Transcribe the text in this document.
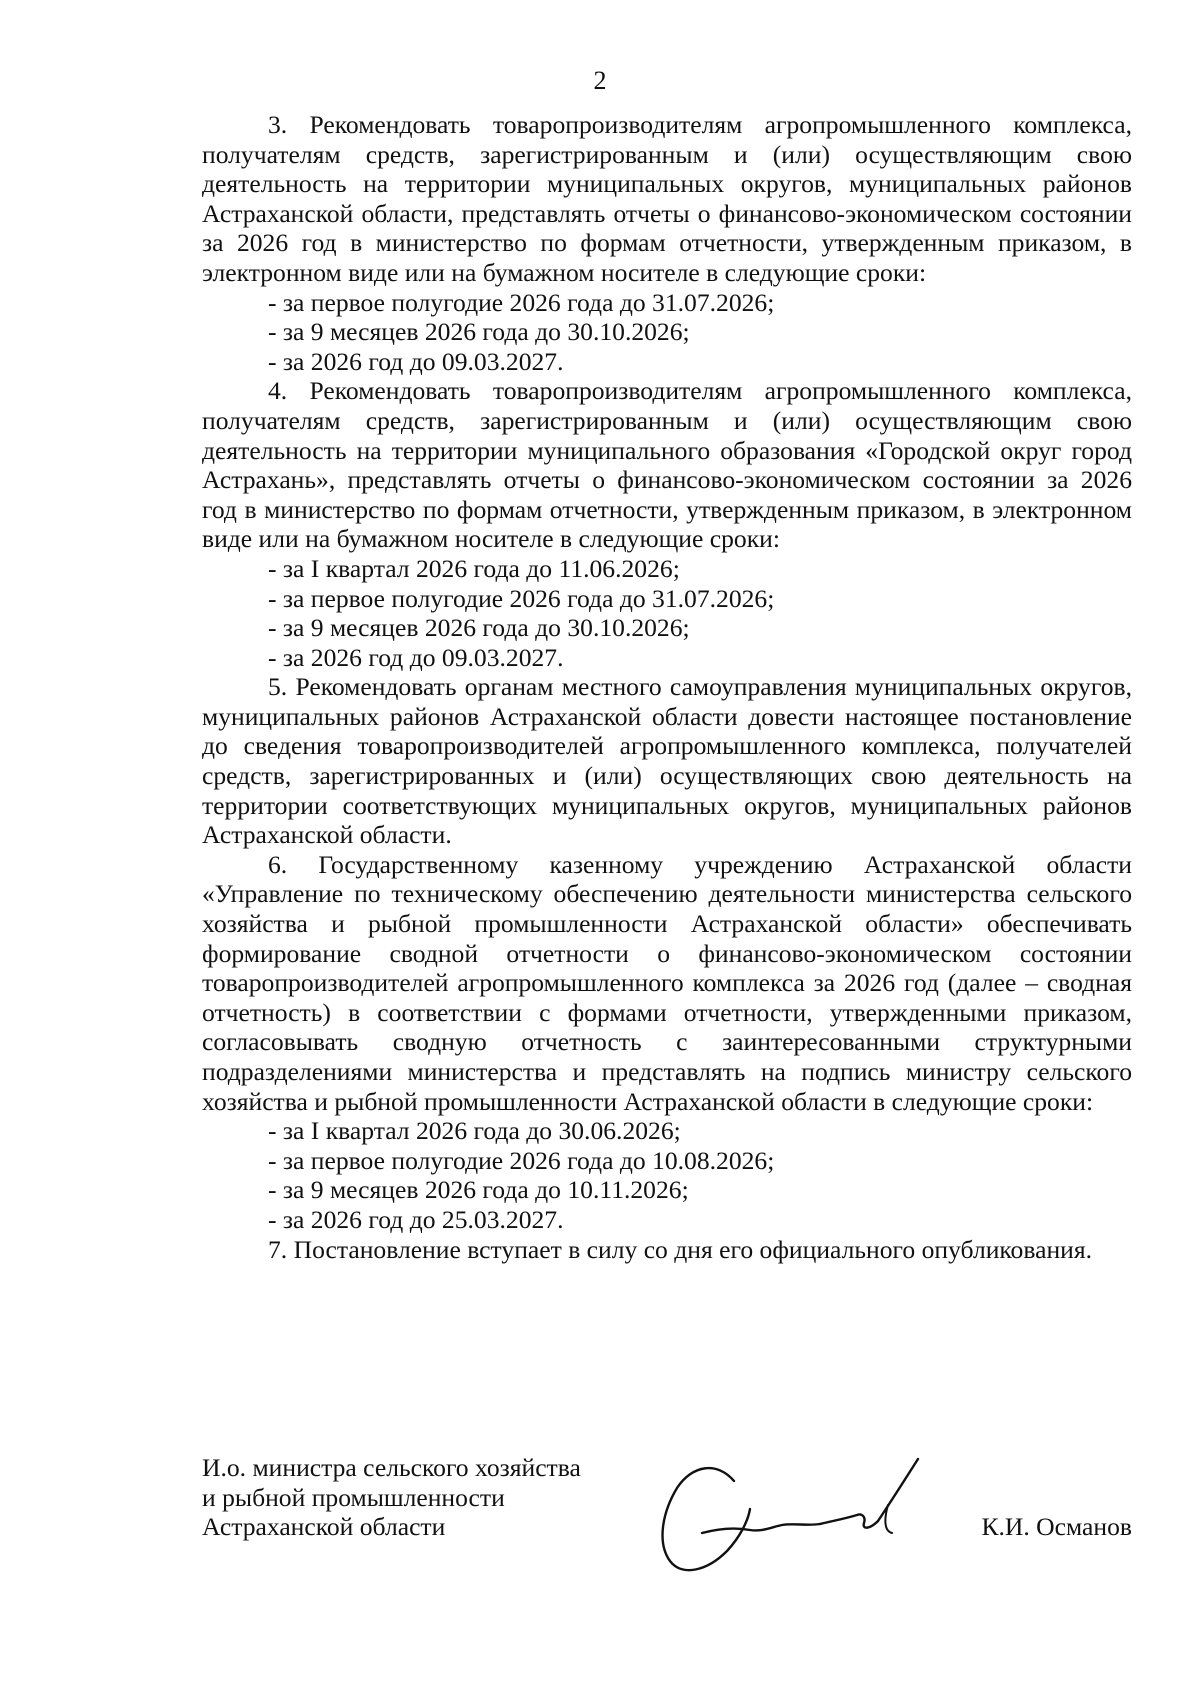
2

3. Рекомендовать товаропроизводителям агропромышленного комплекса, получателям средств, зарегистрированным и (или) осуществляющим свою деятельность на территории муниципальных округов, муниципальных районов Астраханской области, представлять отчеты о финансово-экономическом состоянии за 2026 год в министерство по формам отчетности, утвержденным приказом, в электронном виде или на бумажном носителе в следующие сроки:

- за первое полугодие 2026 года до 31.07.2026;
- за 9 месяцев 2026 года до 30.10.2026;
- за 2026 год до 09.03.2027.

4. Рекомендовать товаропроизводителям агропромышленного комплекса, получателям средств, зарегистрированным и (или) осуществляющим свою деятельность на территории муниципального образования «Городской округ город Астрахань», представлять отчеты о финансово-экономическом состоянии за 2026 год в министерство по формам отчетности, утвержденным приказом, в электронном виде или на бумажном носителе в следующие сроки:

- за I квартал 2026 года до 11.06.2026;
- за первое полугодие 2026 года до 31.07.2026;
- за 9 месяцев 2026 года до 30.10.2026;
- за 2026 год до 09.03.2027.

5. Рекомендовать органам местного самоуправления муниципальных округов, муниципальных районов Астраханской области довести настоящее постановление до сведения товаропроизводителей агропромышленного комплекса, получателей средств, зарегистрированных и (или) осуществляющих свою деятельность на территории соответствующих муниципальных округов, муниципальных районов Астраханской области.

6. Государственному казенному учреждению Астраханской области «Управление по техническому обеспечению деятельности министерства сельского хозяйства и рыбной промышленности Астраханской области» обеспечивать формирование сводной отчетности о финансово-экономическом состоянии товаропроизводителей агропромышленного комплекса за 2026 год (далее – сводная отчетность) в соответствии с формами отчетности, утвержденными приказом, согласовывать сводную отчетность с заинтересованными структурными подразделениями министерства и представлять на подпись министру сельского хозяйства и рыбной промышленности Астраханской области в следующие сроки:

- за I квартал 2026 года до 30.06.2026;
- за первое полугодие 2026 года до 10.08.2026;
- за 9 месяцев 2026 года до 10.11.2026;
- за 2026 год до 25.03.2027.

7. Постановление вступает в силу со дня его официального опубликования.

И.о. министра сельского хозяйства
и рыбной промышленности
Астраханской области	К.И. Османов
